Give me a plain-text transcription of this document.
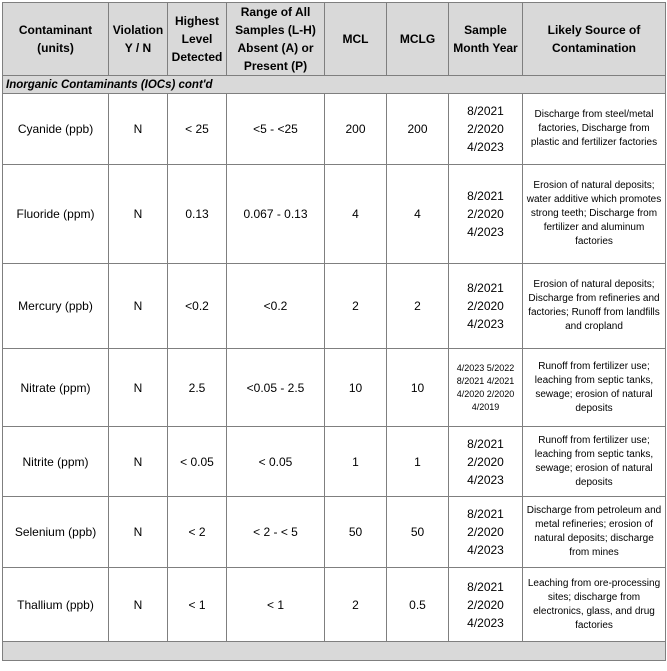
Contaminant (units)	Violation Y / N	Highest Level Detected	Range of All Samples (L-H) Absent (A) or Present (P)	MCL	MCLG	Sample Month Year	Likely Source of Contamination
Inorganic Contaminants (IOCs) cont'd							
Cyanide (ppb)	N	< 25	<5 - <25	200	200	8/2021 2/2020 4/2023	Discharge from steel/metal factories, Discharge from plastic and fertilizer factories
Fluoride (ppm)	N	0.13	0.067 - 0.13	4	4	8/2021 2/2020 4/2023	Erosion of natural deposits; water additive which promotes strong teeth; Discharge from fertilizer and aluminum factories
Mercury (ppb)	N	<0.2	<0.2	2	2	8/2021 2/2020 4/2023	Erosion of natural deposits; Discharge from refineries and factories; Runoff from landfills and cropland
Nitrate (ppm)	N	2.5	<0.05 - 2.5	10	10	4/2023 5/2022 8/2021 4/2021 4/2020 2/2020 4/2019	Runoff from fertilizer use; leaching from septic tanks, sewage; erosion of natural deposits
Nitrite (ppm)	N	< 0.05	< 0.05	1	1	8/2021 2/2020 4/2023	Runoff from fertilizer use; leaching from septic tanks, sewage; erosion of natural deposits
Selenium (ppb)	N	< 2	< 2 - < 5	50	50	8/2021 2/2020 4/2023	Discharge from petroleum and metal refineries; erosion of natural deposits; discharge from mines
Thallium (ppb)	N	< 1	< 1	2	0.5	8/2021 2/2020 4/2023	Leaching from ore-processing sites; discharge from electronics, glass, and drug factories
